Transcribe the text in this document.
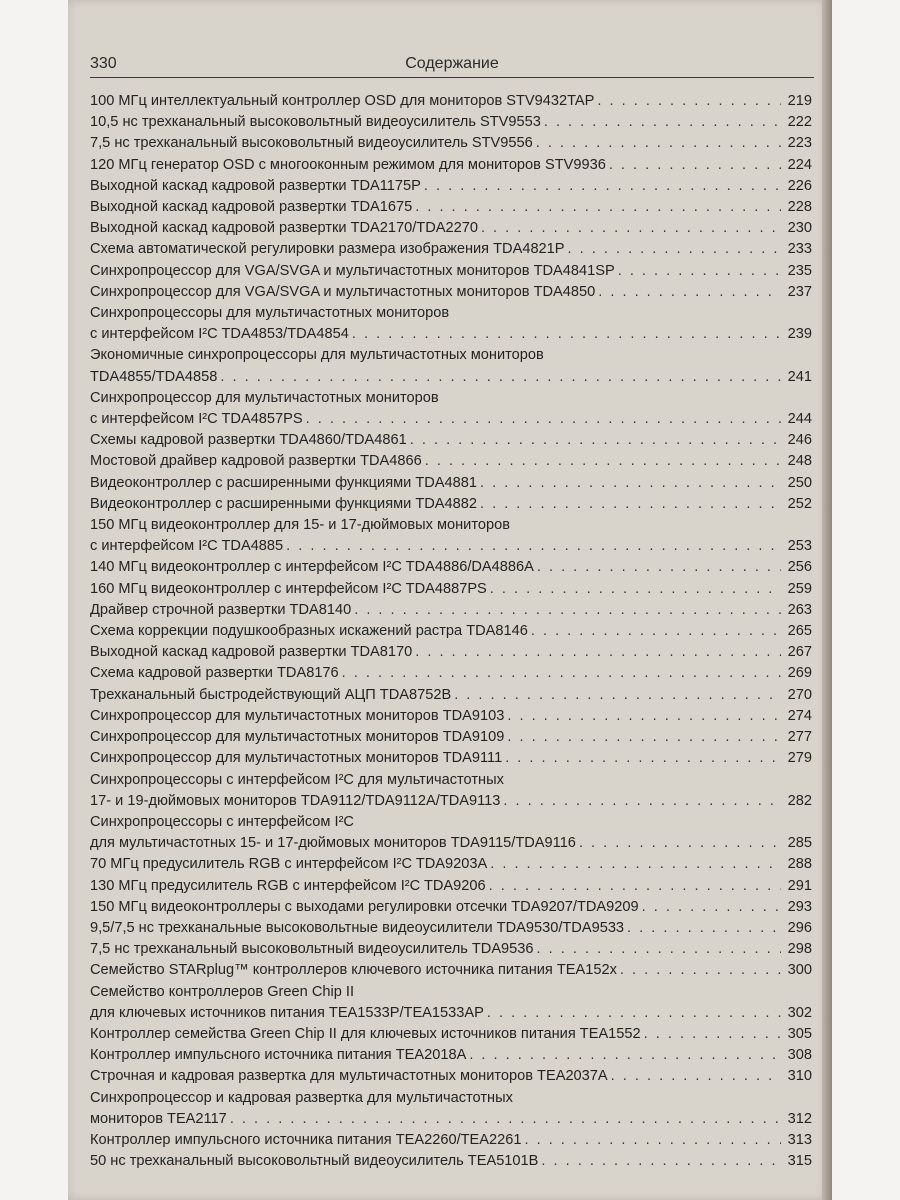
330	Содержание
100 МГц интеллектуальный контроллер OSD для мониторов STV9432TAP . . .	219
10,5 нс трехканальный высоковольтный видеоусилитель STV9553 . . .	222
7,5 нс трехканальный высоковольтный видеоусилитель STV9556 . . .	223
120 МГц генератор OSD с многооконным режимом для мониторов STV9936 . . .	224
Выходной каскад кадровой развертки TDA1175P . . .	226
Выходной каскад кадровой развертки TDA1675 . . .	228
Выходной каскад кадровой развертки TDA2170/TDA2270 . . .	230
Схема автоматической регулировки размера изображения TDA4821P . . .	233
Синхропроцессор для VGA/SVGA и мультичастотных мониторов TDA4841SP . . .	235
Синхропроцессор для VGA/SVGA и мультичастотных мониторов TDA4850 . . .	237
Синхропроцессоры для мультичастотных мониторов
с интерфейсом I²C TDA4853/TDA4854 . . .	239
Экономичные синхропроцессоры для мультичастотных мониторов
TDA4855/TDA4858 . . .	241
Синхропроцессор для мультичастотных мониторов
с интерфейсом I²C TDA4857PS . . .	244
Схемы кадровой развертки TDA4860/TDA4861 . . .	246
Мостовой драйвер кадровой развертки TDA4866 . . .	248
Видеоконтроллер с расширенными функциями TDA4881 . . .	250
Видеоконтроллер с расширенными функциями TDA4882 . . .	252
150 МГц видеоконтроллер для 15- и 17-дюймовых мониторов
с интерфейсом I²C TDA4885 . . .	253
140 МГц видеоконтроллер с интерфейсом I²C TDA4886/DA4886A . . .	256
160 МГц видеоконтроллер с интерфейсом I²C TDA4887PS . . .	259
Драйвер строчной развертки TDA8140 . . .	263
Схема коррекции подушкообразных искажений растра TDA8146 . . .	265
Выходной каскад кадровой развертки TDA8170 . . .	267
Схема кадровой развертки TDA8176 . . .	269
Трехканальный быстродействующий АЦП TDA8752B . . .	270
Синхропроцессор для мультичастотных мониторов TDA9103 . . .	274
Синхропроцессор для мультичастотных мониторов TDA9109 . . .	277
Синхропроцессор для мультичастотных мониторов TDA9111 . . .	279
Синхропроцессоры с интерфейсом I²C для мультичастотных
17- и 19-дюймовых мониторов TDA9112/TDA9112A/TDA9113 . . .	282
Синхропроцессоры с интерфейсом I²C
для мультичастотных 15- и 17-дюймовых мониторов TDA9115/TDA9116 . . .	285
70 МГц предусилитель RGB с интерфейсом I²C TDA9203A . . .	288
130 МГц предусилитель RGB с интерфейсом I²C TDA9206 . . .	291
150 МГц видеоконтроллеры с выходами регулировки отсечки TDA9207/TDA9209 . . .	293
9,5/7,5 нс трехканальные высоковольтные видеоусилители TDA9530/TDA9533 . . .	296
7,5 нс трехканальный высоковольтный видеоусилитель TDA9536 . . .	298
Семейство STARplug™ контроллеров ключевого источника питания TEA152x . . .	300
Семейство контроллеров Green Chip II
для ключевых источников питания TEA1533P/TEA1533AP . . .	302
Контроллер семейства Green Chip II для ключевых источников питания TEA1552 . . .	305
Контроллер импульсного источника питания TEA2018A . . .	308
Строчная и кадровая развертка для мультичастотных мониторов TEA2037A . . .	310
Синхропроцессор и кадровая развертка для мультичастотных
мониторов TEA2117 . . .	312
Контроллер импульсного источника питания TEA2260/TEA2261 . . .	313
50 нс трехканальный высоковольтный видеоусилитель TEA5101B . . .	315
